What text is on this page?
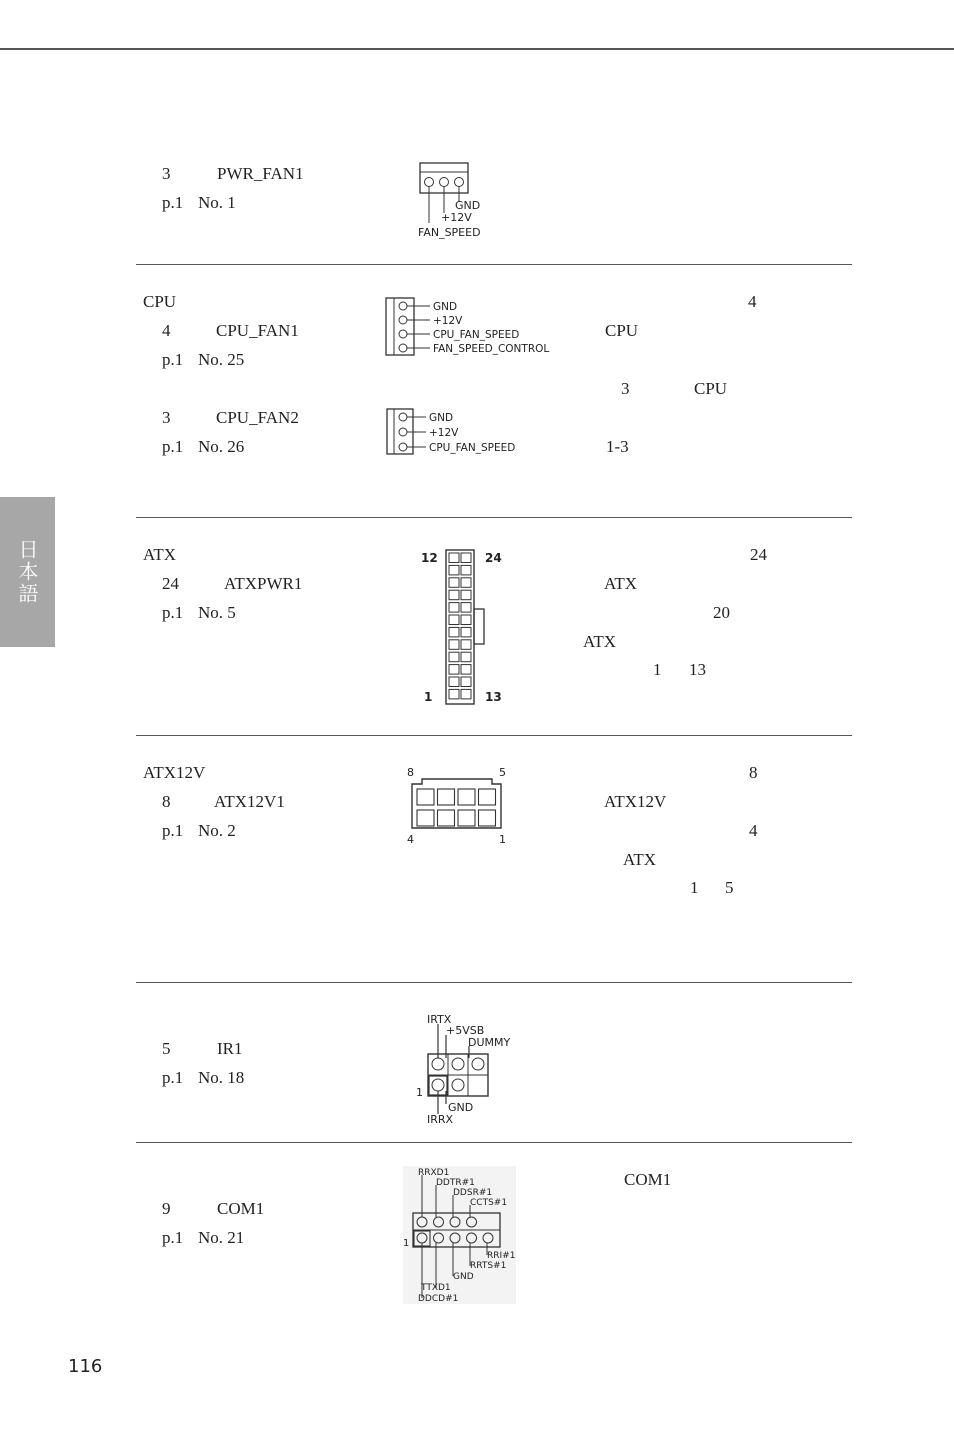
日本語
3	PWR_FAN1
p.1 No. 1	GND
+12V
FAN_SPEED
CPU
4	CPU_FAN1
p.1 No. 25
3	CPU_FAN2
p.1 No. 26
GND
+12V
CPU_FAN_SPEED
FAN_SPEED_CONTROL
GND
+12V
CPU_FAN_SPEED
4
CPU
3	CPU
1-3
ATX
24	ATXPWR1
p.1 No. 5
12	24
1	13
24
ATX
20
ATX
1 13
ATX12V
8	ATX12V1
p.1 No. 2
8	5
4	1
8
ATX12V
4
ATX
1 5
5	IR1
p.1 No. 18
IRTX
+5VSB
DUMMY
1
GND
IRRX
9	COM1
p.1 No. 21
RRXD1
DDTR#1
DDSR#1
CCTS#1
1
RRI#1
RRTS#1
GND
TTXD1
DDCD#1
COM1
116
